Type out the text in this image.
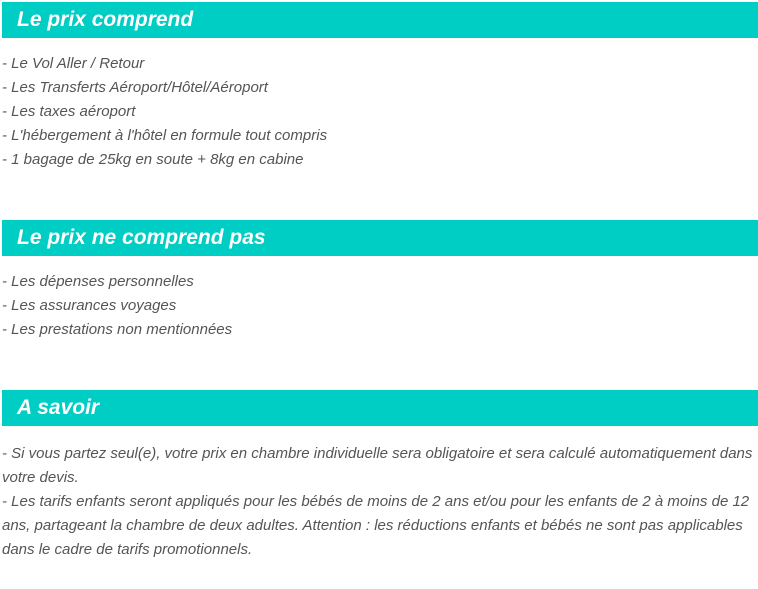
Le prix comprend
- Le Vol Aller / Retour
- Les Transferts Aéroport/Hôtel/Aéroport
- Les taxes aéroport
- L'hébergement à l'hôtel en formule tout compris
- 1 bagage de 25kg en soute + 8kg en cabine
Le prix ne comprend pas
- Les dépenses personnelles
- Les assurances voyages
- Les prestations non mentionnées
A savoir
- Si vous partez seul(e), votre prix en chambre individuelle sera obligatoire et sera calculé automatiquement dans votre devis.
- Les tarifs enfants seront appliqués pour les bébés de moins de 2 ans et/ou pour les enfants de 2 à moins de 12 ans, partageant la chambre de deux adultes. Attention : les réductions enfants et bébés ne sont pas applicables dans le cadre de tarifs promotionnels.
